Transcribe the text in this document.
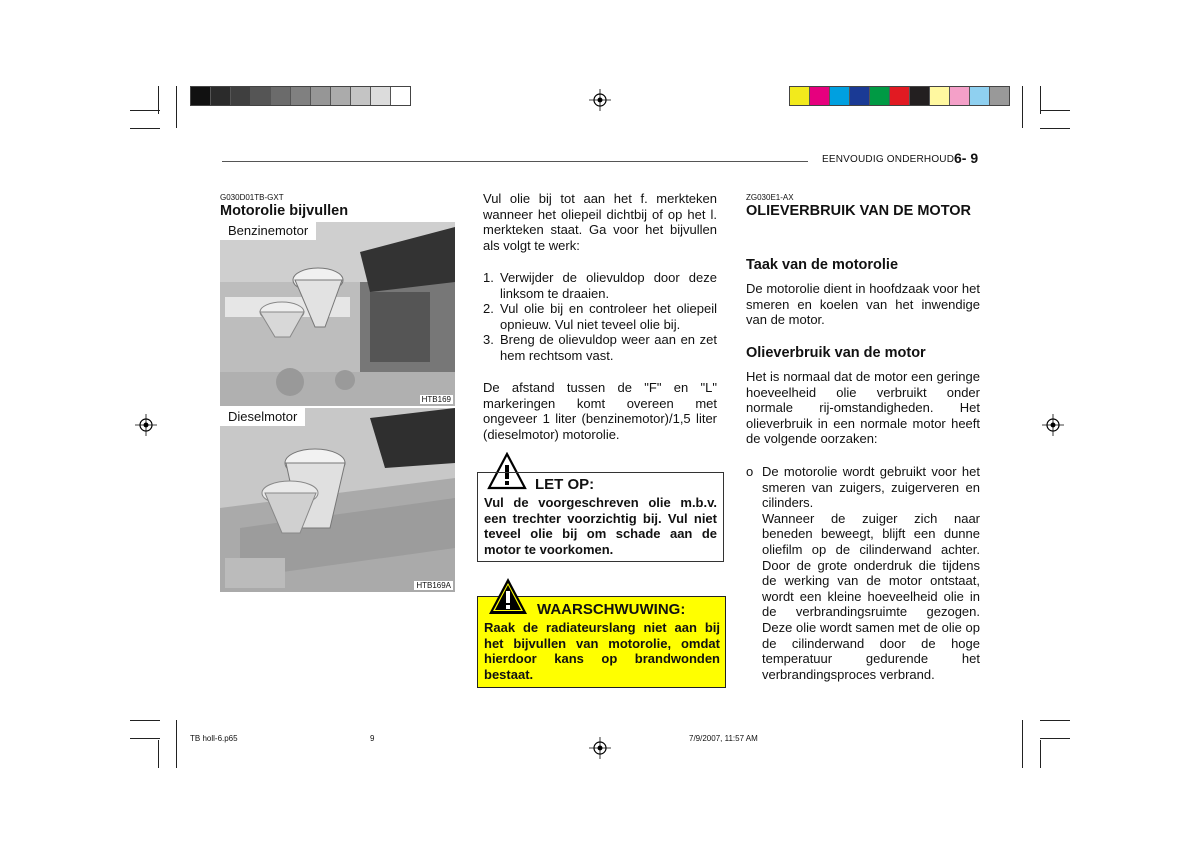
EENVOUDIG ONDERHOUD 6- 9
G030D01TB-GXT
Motorolie bijvullen
Benzinemotor
HTB169
Dieselmotor
HTB169A
Vul olie bij tot aan het f. merkteken wanneer het oliepeil dichtbij of op het l. merkteken staat. Ga voor het bijvullen als volgt te werk:
1. Verwijder de olievuldop door deze linksom te draaien.
2. Vul olie bij en controleer het oliepeil opnieuw. Vul niet teveel olie bij.
3. Breng de olievuldop weer aan en zet hem rechtsom vast.
De afstand tussen de "F" en "L" markeringen komt overeen met ongeveer 1 liter (benzinemotor)/1,5 liter (dieselmotor) motorolie.
LET OP:
Vul de voorgeschreven olie m.b.v. een trechter voorzichtig bij. Vul niet teveel olie bij om schade aan de motor te voorkomen.
WAARSCHWUWING:
Raak de radiateurslang niet aan bij het bijvullen van motorolie, omdat hierdoor kans op brandwonden bestaat.
ZG030E1-AX
OLIEVERBRUIK VAN DE MOTOR
Taak van de motorolie
De motorolie dient in hoofdzaak voor het smeren en koelen van het inwendige van de motor.
Olieverbruik van de motor
Het is normaal dat de motor een geringe hoeveelheid olie verbruikt onder normale rij-omstandigheden. Het olieverbruik in een normale motor heeft de volgende oorzaken:
o De motorolie wordt gebruikt voor het smeren van zuigers, zuigerveren en cilinders.
Wanneer de zuiger zich naar beneden beweegt, blijft een dunne oliefilm op de cilinderwand achter. Door de grote onderdruk die tijdens de werking van de motor ontstaat, wordt een kleine hoeveelheid olie in de verbrandingsruimte gezogen. Deze olie wordt samen met de olie op de cilinderwand door de hoge temperatuur gedurende het verbrandingsproces verbrand.
TB holl-6.p65	9	7/9/2007, 11:57 AM
